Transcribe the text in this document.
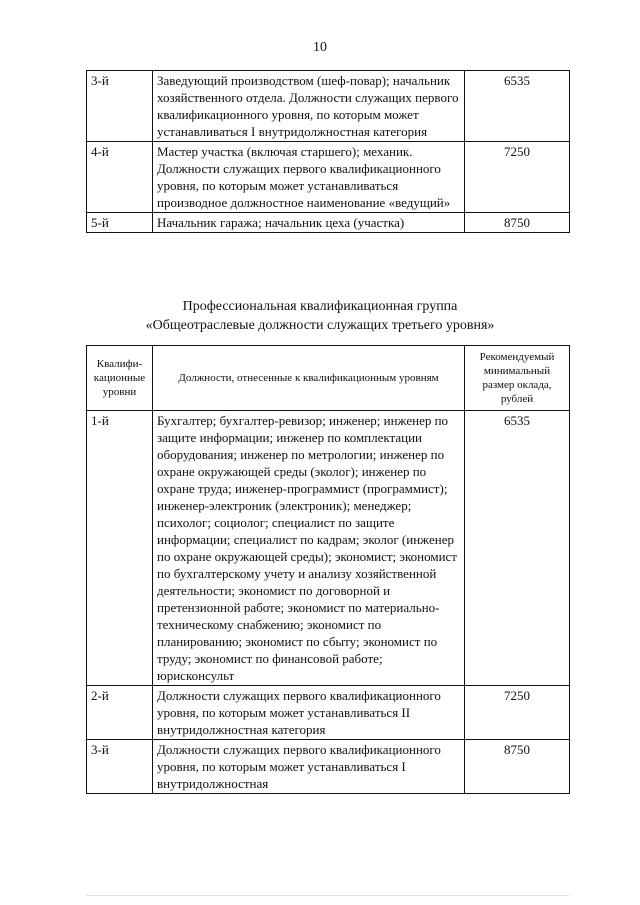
10
3-й	Заведующий производством (шеф-повар); начальник хозяйственного отдела. Должности служащих первого квалификационного уровня, по которым может устанавливаться I внутридолжностная категория	6535
4-й	Мастер участка (включая старшего); механик. Должности служащих первого квалификационного уровня, по которым может устанавливаться производное должностное наименование «ведущий»	7250
5-й	Начальник гаража; начальник цеха (участка)	8750
Профессиональная квалификационная группа
«Общеотраслевые должности служащих третьего уровня»
Квалифи-кационные уровни	Должности, отнесенные к квалификационным уровням	Рекомендуемый минимальный размер оклада, рублей
1-й	Бухгалтер; бухгалтер-ревизор; инженер; инженер по защите информации; инженер по комплектации оборудования; инженер по метрологии; инженер по охране окружающей среды (эколог); инженер по охране труда; инженер-программист (программист); инженер-электроник (электроник); менеджер; психолог; социолог; специалист по защите информации; специалист по кадрам; эколог (инженер по охране окружающей среды); экономист; экономист по бухгалтерскому учету и анализу хозяйственной деятельности; экономист по договорной и претензионной работе; экономист по материально-техническому снабжению; экономист по планированию; экономист по сбыту; экономист по труду; экономист по финансовой работе; юрисконсульт	6535
2-й	Должности служащих первого квалификационного уровня, по которым может устанавливаться II внутридолжностная категория	7250
3-й	Должности служащих первого квалификационного уровня, по которым может устанавливаться I внутридолжностная	8750
